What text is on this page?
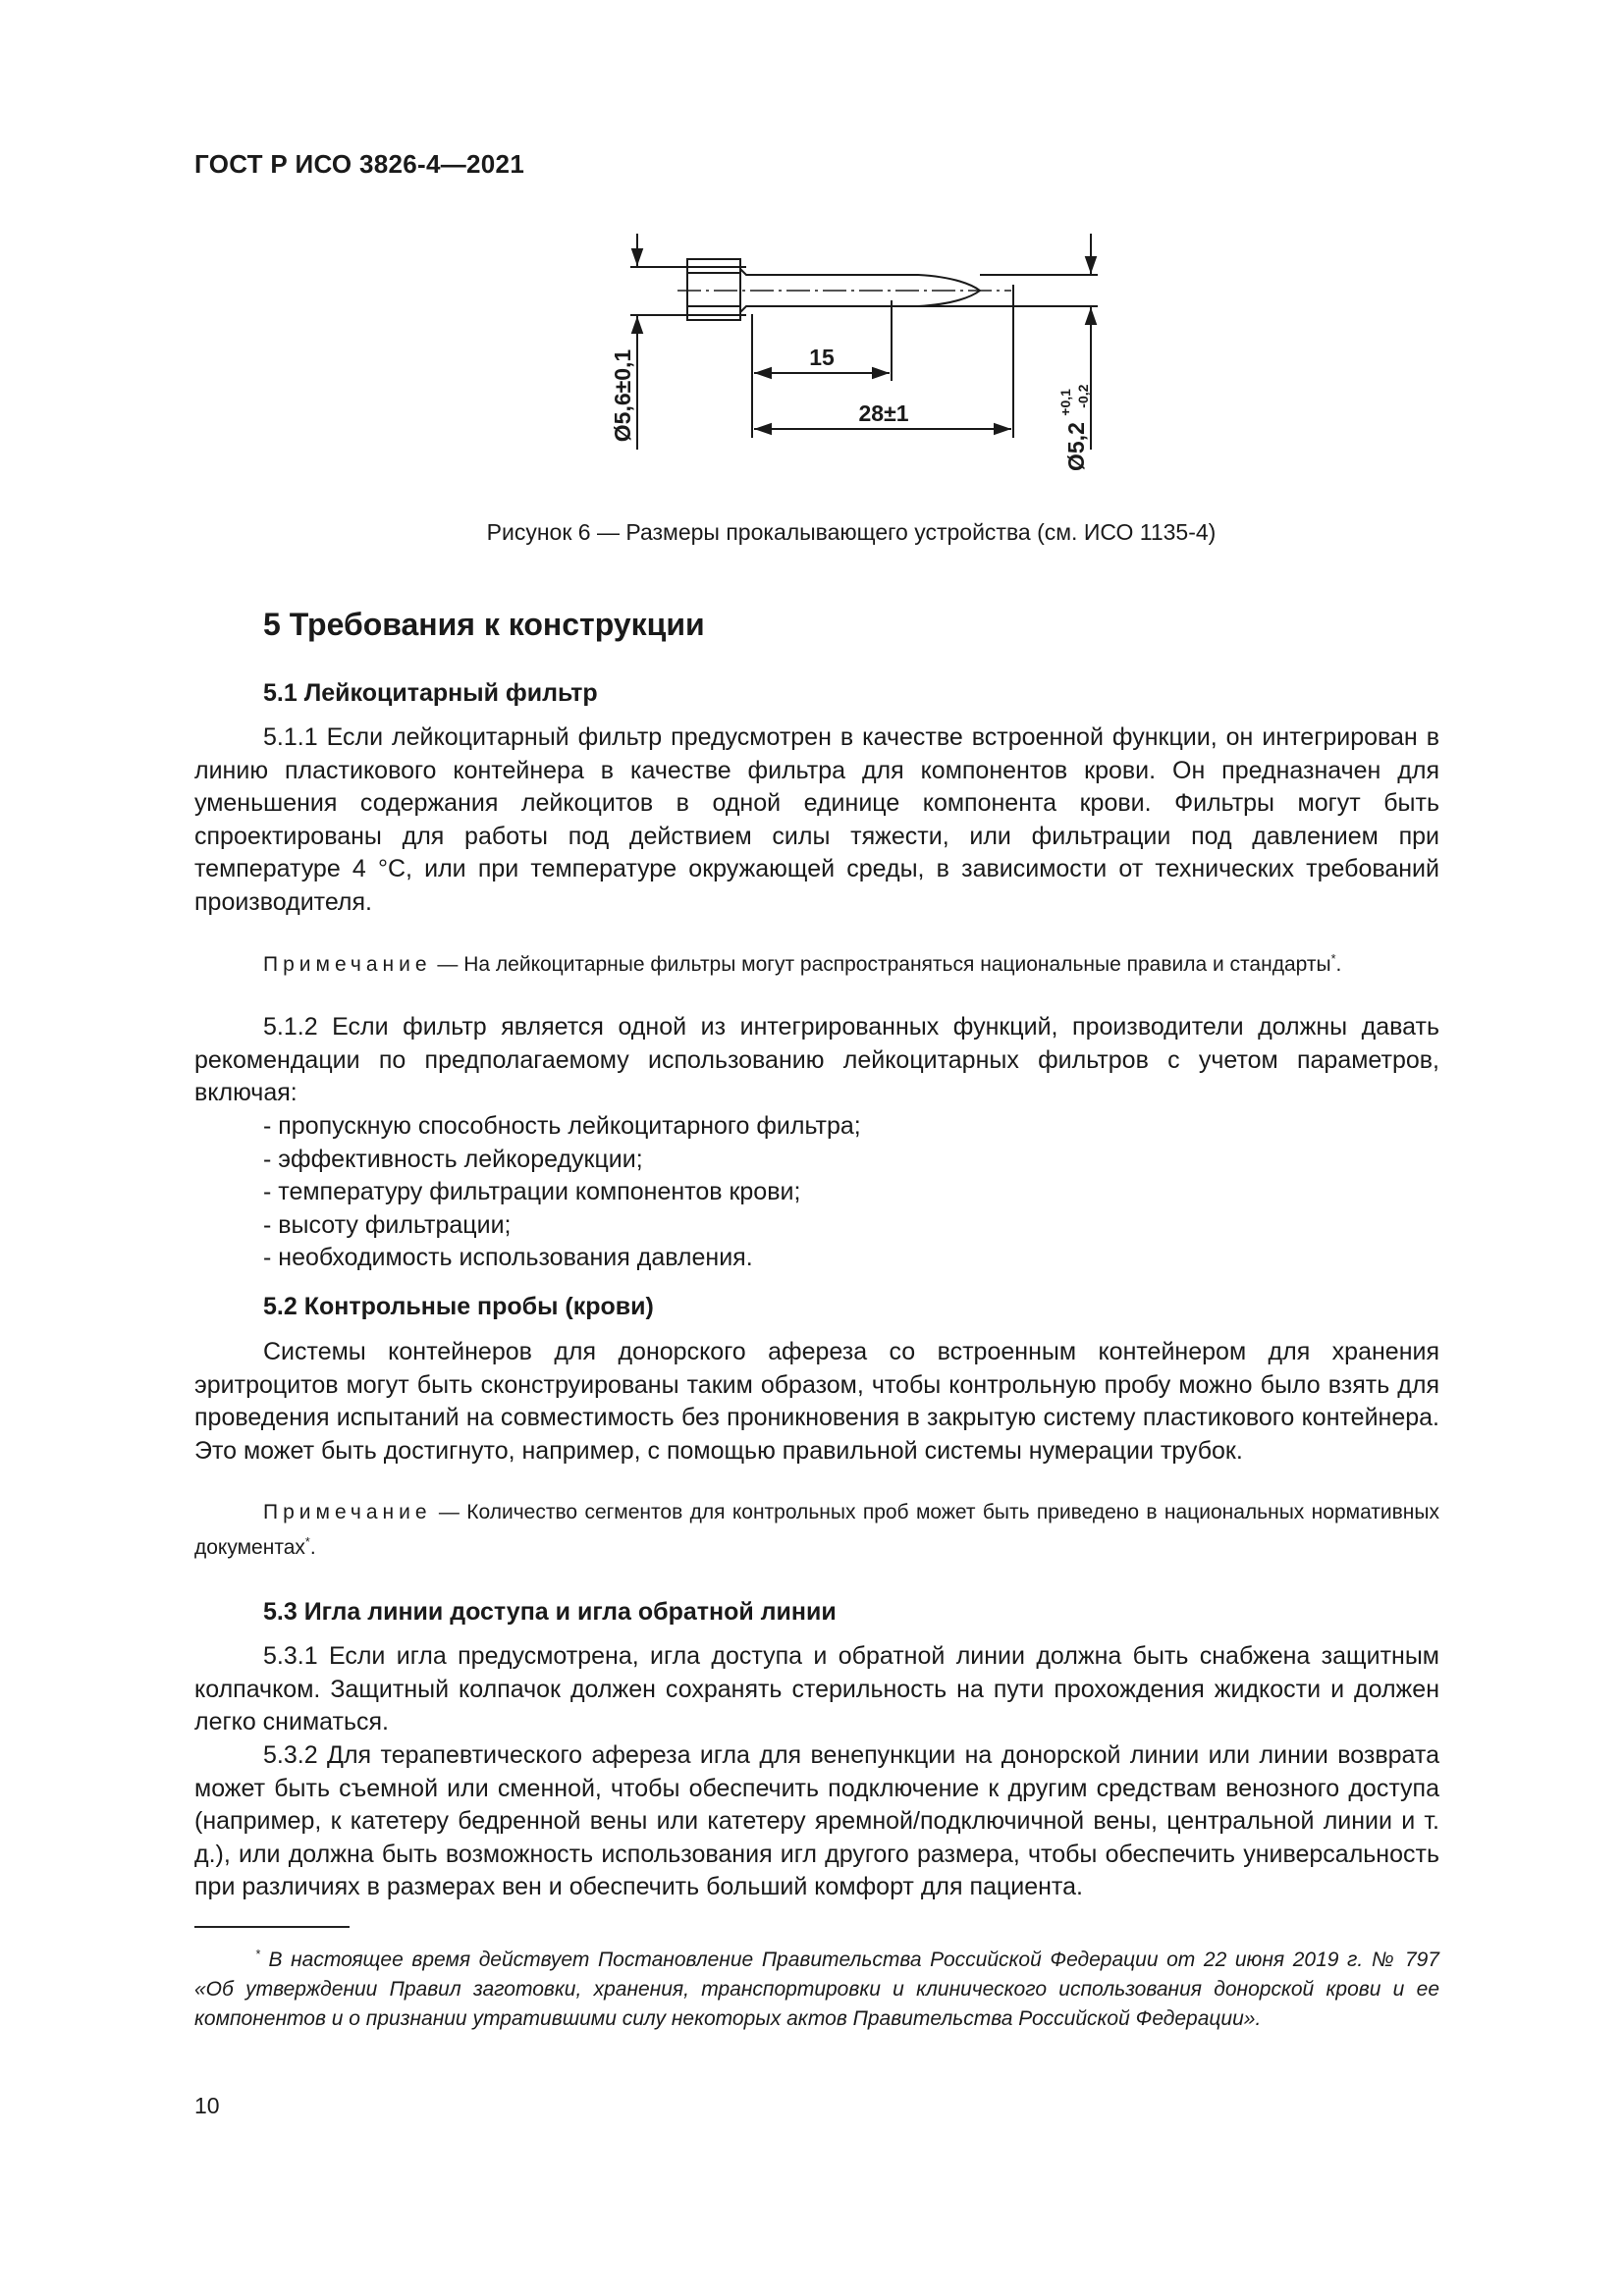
ГОСТ Р ИСО 3826-4—2021
15
28±1
Ø5,6±0,1
Ø5,2 $^{+0,1}$ -0,2
Рисунок 6 — Размеры прокалывающего устройства (см. ИСО 1135-4)
5 Требования к конструкции
5.1 Лейкоцитарный фильтр
5.1.1 Если лейкоцитарный фильтр предусмотрен в качестве встроенной функции, он интегрирован в линию пластикового контейнера в качестве фильтра для компонентов крови. Он предназначен для уменьшения содержания лейкоцитов в одной единице компонента крови. Фильтры могут быть спроектированы для работы под действием силы тяжести, или фильтрации под давлением при температуре 4 °С, или при температуре окружающей среды, в зависимости от технических требований производителя.
Примечание — На лейкоцитарные фильтры могут распространяться национальные правила и стандарты*.
5.1.2 Если фильтр является одной из интегрированных функций, производители должны давать рекомендации по предполагаемому использованию лейкоцитарных фильтров с учетом параметров, включая:
- пропускную способность лейкоцитарного фильтра;
- эффективность лейкоредукции;
- температуру фильтрации компонентов крови;
- высоту фильтрации;
- необходимость использования давления.
5.2 Контрольные пробы (крови)
Системы контейнеров для донорского афереза со встроенным контейнером для хранения эритроцитов могут быть сконструированы таким образом, чтобы контрольную пробу можно было взять для проведения испытаний на совместимость без проникновения в закрытую систему пластикового контейнера. Это может быть достигнуто, например, с помощью правильной системы нумерации трубок.
Примечание — Количество сегментов для контрольных проб может быть приведено в национальных нормативных документах*.
5.3 Игла линии доступа и игла обратной линии
5.3.1 Если игла предусмотрена, игла доступа и обратной линии должна быть снабжена защитным колпачком. Защитный колпачок должен сохранять стерильность на пути прохождения жидкости и должен легко сниматься.
5.3.2 Для терапевтического афереза игла для венепункции на донорской линии или линии возврата может быть съемной или сменной, чтобы обеспечить подключение к другим средствам венозного доступа (например, к катетеру бедренной вены или катетеру яремной/подключичной вены, центральной линии и т. д.), или должна быть возможность использования игл другого размера, чтобы обеспечить универсальность при различиях в размерах вен и обеспечить больший комфорт для пациента.
* В настоящее время действует Постановление Правительства Российской Федерации от 22 июня 2019 г. № 797 «Об утверждении Правил заготовки, хранения, транспортировки и клинического использования донорской крови и ее компонентов и о признании утратившими силу некоторых актов Правительства Российской Федерации».
10
